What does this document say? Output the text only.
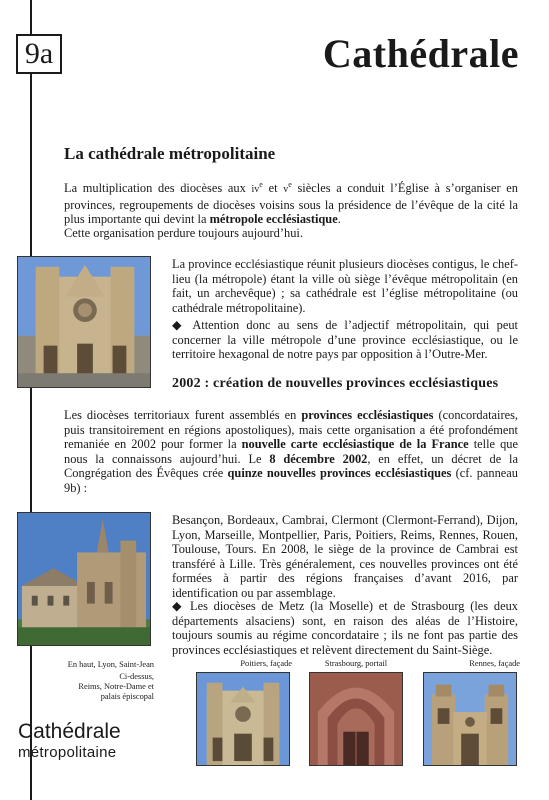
9a	Cathédrale
La cathédrale métropolitaine

La multiplication des diocèses aux $iv^e$ et $v^e$ siècles a conduit l’Église à s’organiser en provinces, regroupements de diocèses voisins sous la présidence de l’évêque de la cité la plus importante qui devint la métropole ecclésiastique.

Cette organisation perdure toujours aujourd’hui.

La province ecclésiastique réunit plusieurs diocèses contigus, le chef-lieu (la métropole) étant la ville où siège l’évêque métropolitain (en fait, un archevêque) ; sa cathédrale est l’église métropolitaine (ou cathédrale métropolitaine).

◆ Attention donc au sens de l’adjectif métropolitain, qui peut concerner la ville métropole d’une province ecclésiastique, ou le territoire hexagonal de notre pays par opposition à l’Outre-Mer.

2002 : création de nouvelles provinces ecclésiastiques

Les diocèses territoriaux furent assemblés en provinces ecclésiastiques (concordataires, puis transitoirement en régions apostoliques), mais cette organisation a été profondément remaniée en 2002 pour former la nouvelle carte ecclésiastique de la France telle que nous la connaissons aujourd’hui. Le 8 décembre 2002, en effet, un décret de la Congrégation des Évêques crée quinze nouvelles provinces ecclésiastiques (cf. panneau 9b) :

Besançon, Bordeaux, Cambrai, Clermont (Clermont-Ferrand), Dijon, Lyon, Marseille, Montpellier, Paris, Poitiers, Reims, Rennes, Rouen, Toulouse, Tours. En 2008, le siège de la province de Cambrai est transféré à Lille. Très généralement, ces nouvelles provinces ont été formées à partir des régions françaises d’avant 2016, par identification ou par assemblage.

◆ Les diocèses de Metz (la Moselle) et de Strasbourg (les deux départements alsaciens) sont, en raison des aléas de l’Histoire, toujours soumis au régime concordataire ; ils ne font pas partie des provinces ecclésiastiques et relèvent directement du Saint-Siège.

En haut, Lyon, Saint-Jean
Ci-dessus,
Reims, Notre-Dame et
palais épiscopal
Poitiers, façade	Strasbourg, portail	Rennes, façade
Cathédrale
métropolitaine
